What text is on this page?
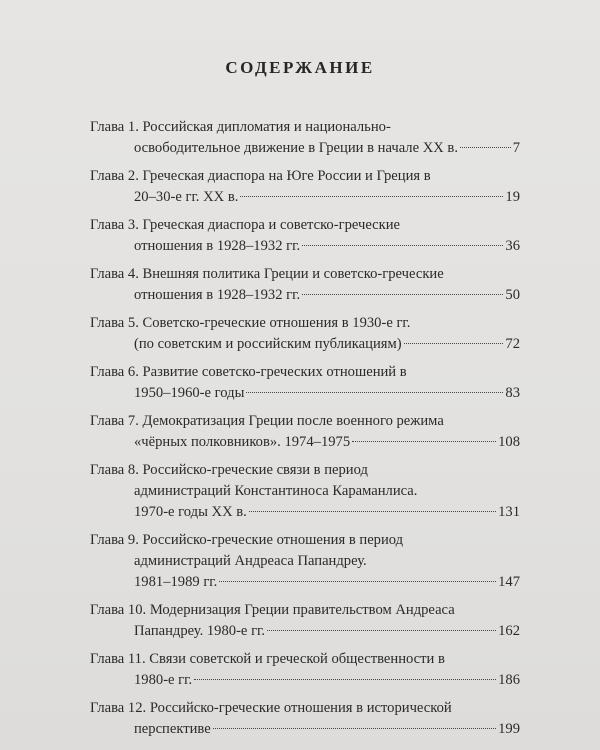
СОДЕРЖАНИЕ
Глава 1. Российская дипломатия и национально-
освободительное движение в Греции в начале XX в.	7
Глава 2. Греческая диаспора на Юге России и Греция в
20–30-е гг. XX в.	19
Глава 3. Греческая диаспора и советско-греческие
отношения в 1928–1932 гг.	36
Глава 4. Внешняя политика Греции и советско-греческие
отношения в 1928–1932 гг.	50
Глава 5. Советско-греческие отношения в 1930-е гг.
(по советским и российским публикациям)	72
Глава 6. Развитие советско-греческих отношений в
1950–1960-е годы	83
Глава 7. Демократизация Греции после военного режима
«чёрных полковников». 1974–1975	108
Глава 8. Российско-греческие связи в период
администраций Константиноса Караманлиса.
1970-е годы XX в.	131
Глава 9. Российско-греческие отношения в период
администраций Андреаса Папандреу.
1981–1989 гг.	147
Глава 10. Модернизация Греции правительством Андреаса
Папандреу. 1980-е гг.	162
Глава 11. Связи советской и греческой общественности в
1980-е гг.	186
Глава 12. Российско-греческие отношения в исторической
перспективе	199
